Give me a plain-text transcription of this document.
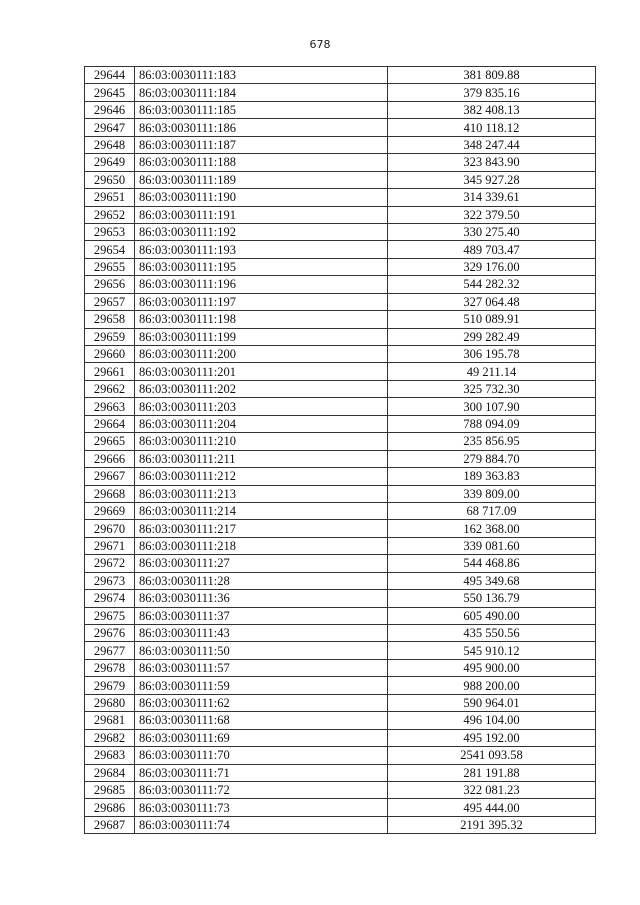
678
29644	86:03:0030111:183	381 809.88
29645	86:03:0030111:184	379 835.16
29646	86:03:0030111:185	382 408.13
29647	86:03:0030111:186	410 118.12
29648	86:03:0030111:187	348 247.44
29649	86:03:0030111:188	323 843.90
29650	86:03:0030111:189	345 927.28
29651	86:03:0030111:190	314 339.61
29652	86:03:0030111:191	322 379.50
29653	86:03:0030111:192	330 275.40
29654	86:03:0030111:193	489 703.47
29655	86:03:0030111:195	329 176.00
29656	86:03:0030111:196	544 282.32
29657	86:03:0030111:197	327 064.48
29658	86:03:0030111:198	510 089.91
29659	86:03:0030111:199	299 282.49
29660	86:03:0030111:200	306 195.78
29661	86:03:0030111:201	49 211.14
29662	86:03:0030111:202	325 732.30
29663	86:03:0030111:203	300 107.90
29664	86:03:0030111:204	788 094.09
29665	86:03:0030111:210	235 856.95
29666	86:03:0030111:211	279 884.70
29667	86:03:0030111:212	189 363.83
29668	86:03:0030111:213	339 809.00
29669	86:03:0030111:214	68 717.09
29670	86:03:0030111:217	162 368.00
29671	86:03:0030111:218	339 081.60
29672	86:03:0030111:27	544 468.86
29673	86:03:0030111:28	495 349.68
29674	86:03:0030111:36	550 136.79
29675	86:03:0030111:37	605 490.00
29676	86:03:0030111:43	435 550.56
29677	86:03:0030111:50	545 910.12
29678	86:03:0030111:57	495 900.00
29679	86:03:0030111:59	988 200.00
29680	86:03:0030111:62	590 964.01
29681	86:03:0030111:68	496 104.00
29682	86:03:0030111:69	495 192.00
29683	86:03:0030111:70	2541 093.58
29684	86:03:0030111:71	281 191.88
29685	86:03:0030111:72	322 081.23
29686	86:03:0030111:73	495 444.00
29687	86:03:0030111:74	2191 395.32
